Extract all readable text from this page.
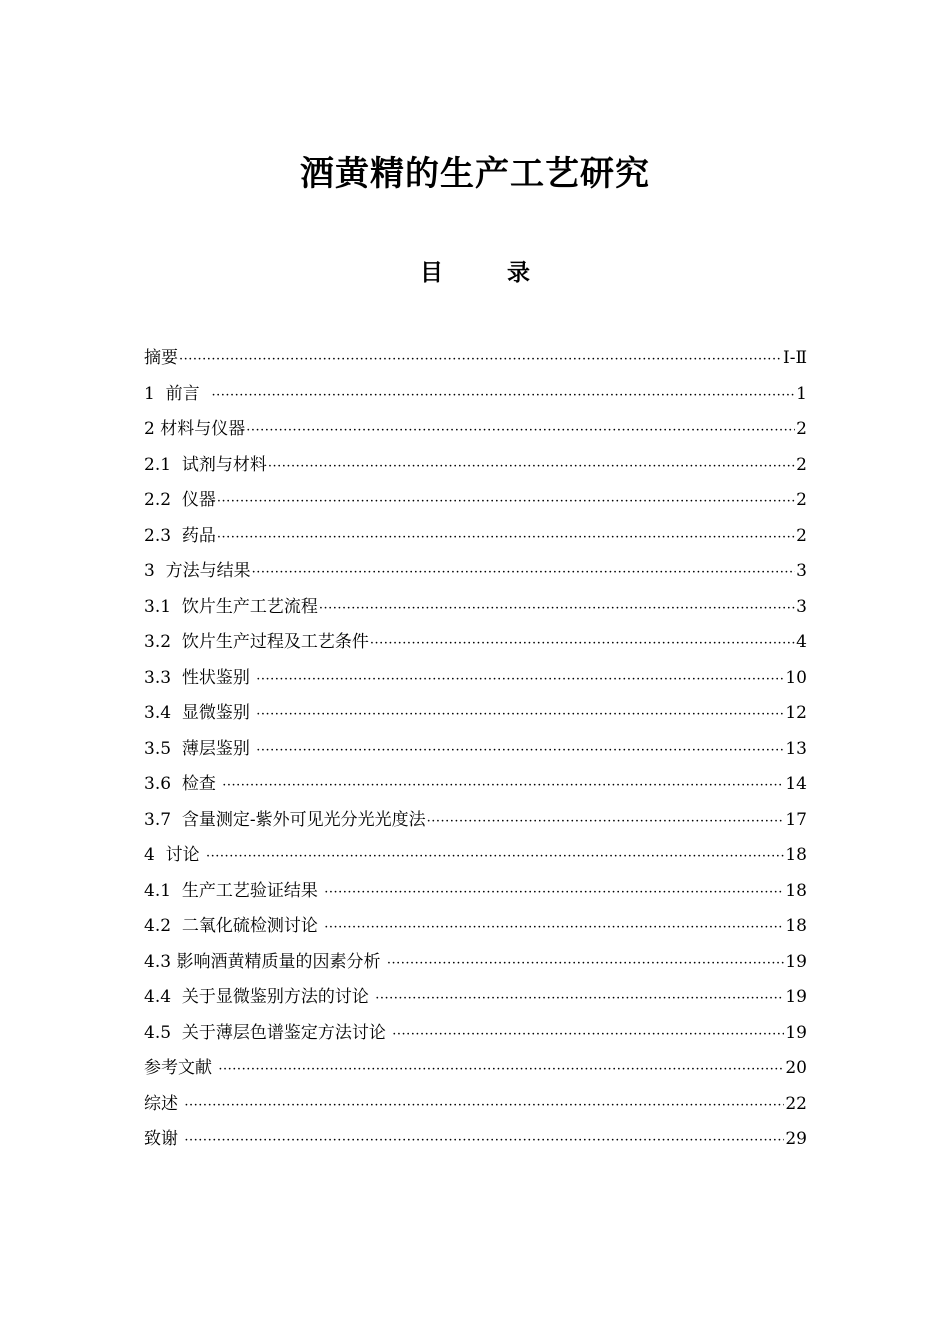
酒黄精的生产工艺研究
目 录
摘要 ·····	Ⅰ-Ⅱ
1  前言 ·····	1
2 材料与仪器 ·····	2
2.1  试剂与材料 ·····	2
2.2  仪器 ·····	2
2.3  药品 ·····	2
3  方法与结果 ·····	3
3.1  饮片生产工艺流程 ·····	3
3.2  饮片生产过程及工艺条件 ·····	4
3.3  性状鉴别 ·····	10
3.4  显微鉴别 ·····	12
3.5  薄层鉴别 ·····	13
3.6  检查 ·····	14
3.7  含量测定-紫外可见光分光光度法 ·····	17
4  讨论 ·····	18
4.1  生产工艺验证结果 ·····	18
4.2  二氧化硫检测讨论 ·····	18
4.3 影响酒黄精质量的因素分析 ·····	19
4.4  关于显微鉴别方法的讨论 ·····	19
4.5  关于薄层色谱鉴定方法讨论 ·····	19
参考文献 ·····	20
综述 ·····	22
致谢 ·····	29
